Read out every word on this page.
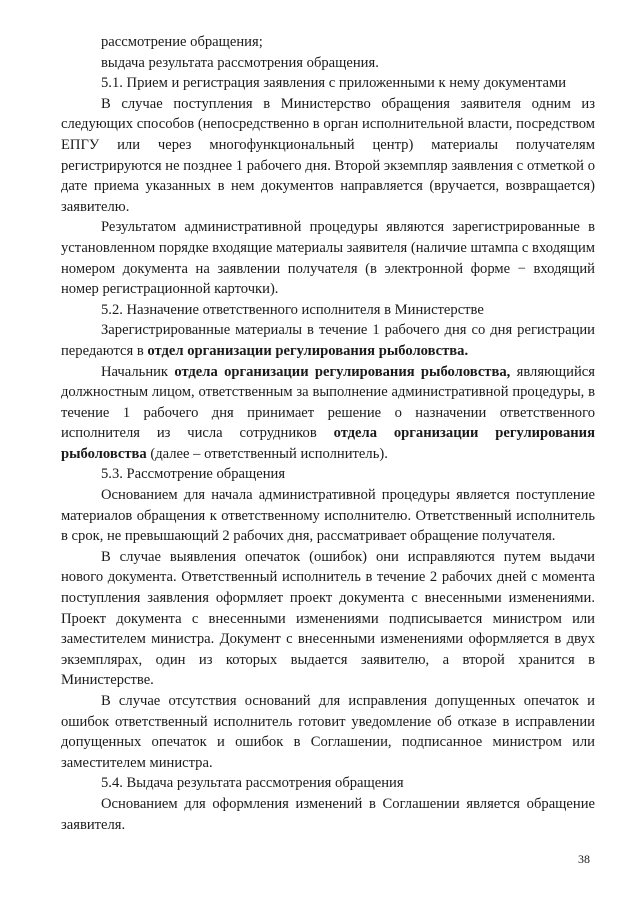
рассмотрение обращения;

выдача результата рассмотрения обращения.

5.1. Прием и регистрация заявления с приложенными к нему документами

В случае поступления в Министерство обращения заявителя одним из следующих способов (непосредственно в орган исполнительной власти, посредством ЕПГУ или через многофункциональный центр) материалы получателям регистрируются не позднее 1 рабочего дня. Второй экземпляр заявления с отметкой о дате приема указанных в нем документов направляется (вручается, возвращается) заявителю.

Результатом административной процедуры являются зарегистрированные в установленном порядке входящие материалы заявителя (наличие штампа с входящим номером документа на заявлении получателя (в электронной форме − входящий номер регистрационной карточки).

5.2. Назначение ответственного исполнителя в Министерстве

Зарегистрированные материалы в течение 1 рабочего дня со дня регистрации передаются в отдел организации регулирования рыболовства.

Начальник отдела организации регулирования рыболовства, являющийся должностным лицом, ответственным за выполнение административной процедуры, в течение 1 рабочего дня принимает решение о назначении ответственного исполнителя из числа сотрудников отдела организации регулирования рыболовства (далее – ответственный исполнитель).

5.3. Рассмотрение обращения

Основанием для начала административной процедуры является поступление материалов обращения к ответственному исполнителю. Ответственный исполнитель в срок, не превышающий 2 рабочих дня, рассматривает обращение получателя.

В случае выявления опечаток (ошибок) они исправляются путем выдачи нового документа. Ответственный исполнитель в течение 2 рабочих дней с момента поступления заявления оформляет проект документа с внесенными изменениями. Проект документа с внесенными изменениями подписывается министром или заместителем министра. Документ с внесенными изменениями оформляется в двух экземплярах, один из которых выдается заявителю, а второй хранится в Министерстве.

В случае отсутствия оснований для исправления допущенных опечаток и ошибок ответственный исполнитель готовит уведомление об отказе в исправлении допущенных опечаток и ошибок в Соглашении, подписанное министром или заместителем министра.

5.4. Выдача результата рассмотрения обращения

Основанием для оформления изменений в Соглашении является обращение заявителя.

38
